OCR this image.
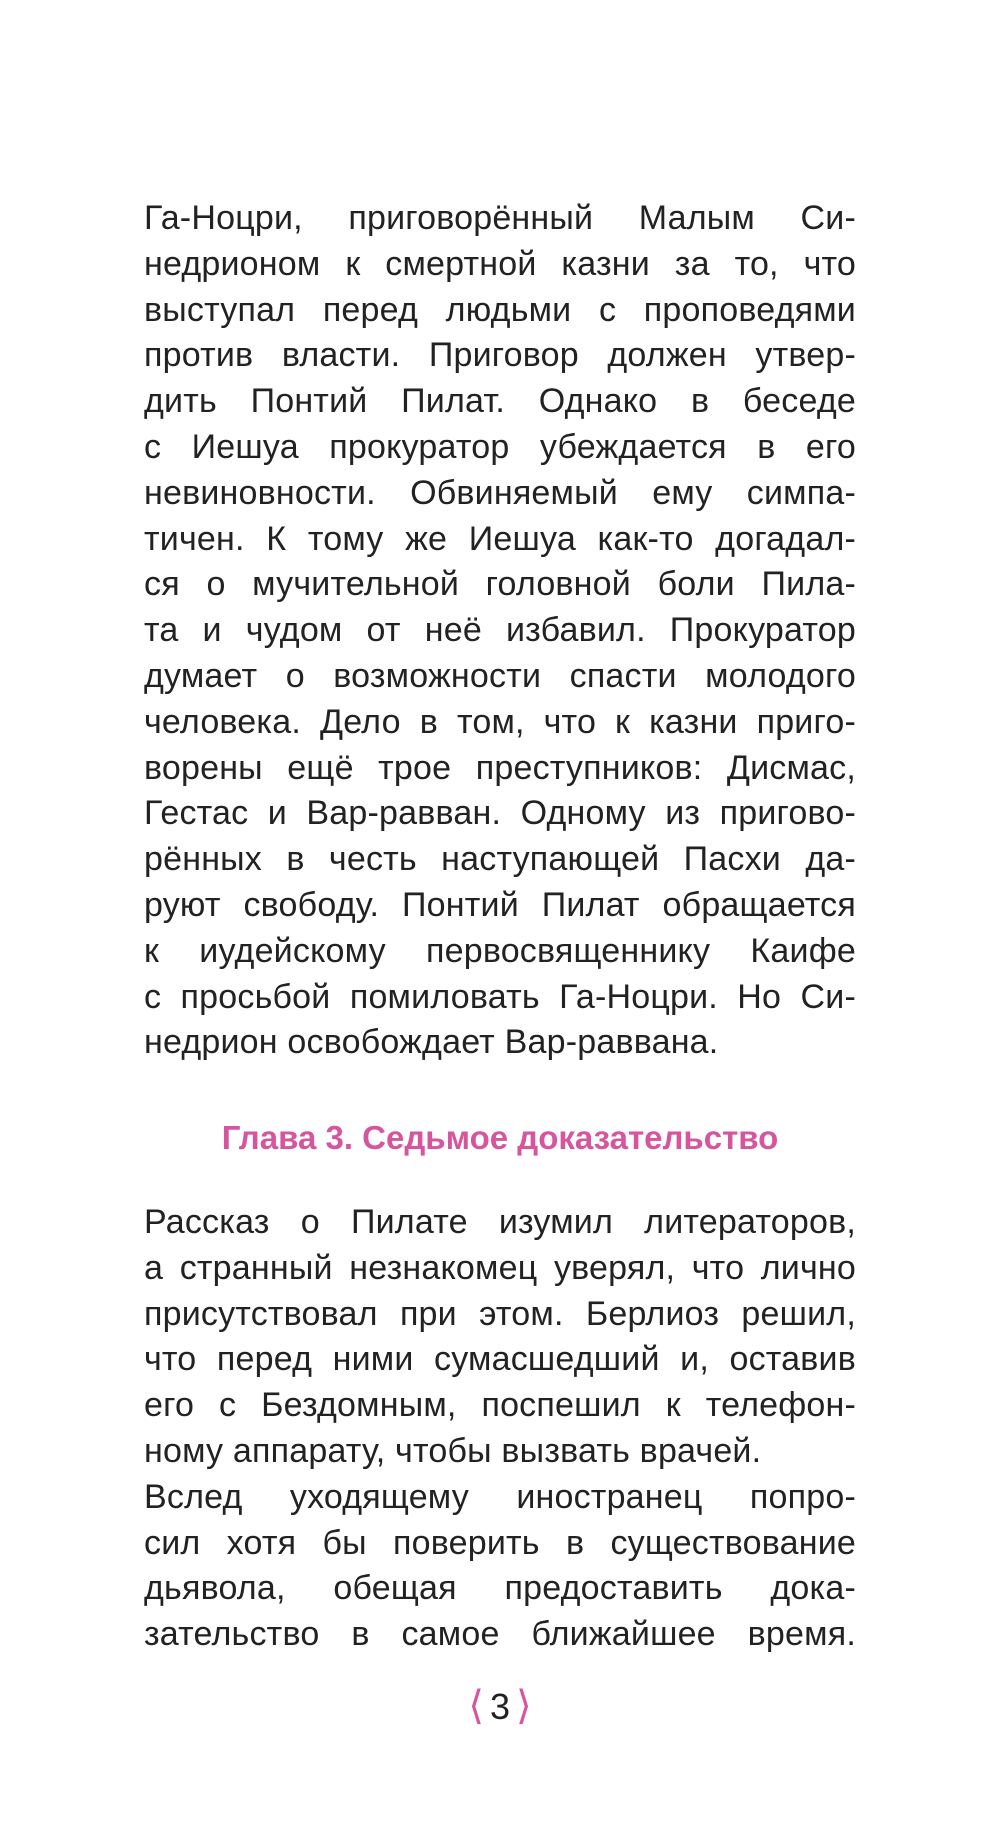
Га-Ноцри, приговорённый Малым Си-
недрионом к смертной казни за то, что
выступал перед людьми с проповедями
против власти. Приговор должен утвер-
дить Понтий Пилат. Однако в беседе
с Иешуа прокуратор убеждается в его
невиновности. Обвиняемый ему симпа-
тичен. К тому же Иешуа как-то догадал-
ся о мучительной головной боли Пила-
та и чудом от неё избавил. Прокуратор
думает о возможности спасти молодого
человека. Дело в том, что к казни приго-
ворены ещё трое преступников: Дисмас,
Гестас и Вар-равван. Одному из пригово-
рённых в честь наступающей Пасхи да-
руют свободу. Понтий Пилат обращается
к иудейскому первосвященнику Каифе
с просьбой помиловать Га-Ноцри. Но Си-
недрион освобождает Вар-раввана.
Глава 3. Седьмое доказательство
Рассказ о Пилате изумил литераторов,
а странный незнакомец уверял, что лично
присутствовал при этом. Берлиоз решил,
что перед ними сумасшедший и, оставив
его с Бездомным, поспешил к телефон-
ному аппарату, чтобы вызвать врачей.
Вслед уходящему иностранец попро-
сил хотя бы поверить в существование
дьявола, обещая предоставить дока-
зательство в самое ближайшее время.
⟨ 3 ⟩
